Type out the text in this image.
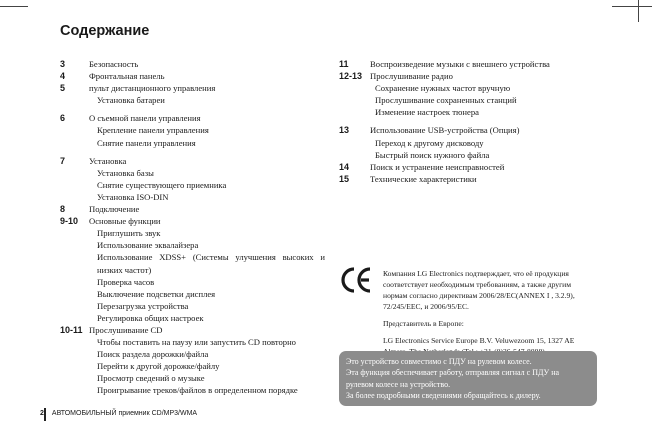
Содержание
3	Безопасность
4	Фронтальная панель
5	пульт дистанционного управления
Установка батареи
6	О съемной панели управления
Крепление панели управления
Снятие панели управления
7	Установка
Установка базы
Снятие существующего приемника
Установка ISO-DIN
8	Подключение
9-10 Основные функции
Приглушить звук
Использование эквалайзера
Использование XDSS+ (Системы улучшения высоких и низких частот)
Проверка часов
Выключение подсветки дисплея
Перезагрузка устройства
Регулировка общих настроек
10-11 Прослушивание CD
Чтобы поставить на паузу или запустить CD повторно
Поиск раздела дорожки/файла
Перейти к другой дорожке/файлу
Просмотр сведений о музыке
Проигрывание треков/файлов в определенном порядке
11 Воспроизведение музыки с внешнего устройства
12-13 Прослушивание радио
Сохранение нужных частот вручную
Прослушивание сохраненных станций
Изменение настроек тюнера
13 Использование USB-устройства (Опция)
Переход к другому дисководу
Быстрый поиск нужного файла
14 Поиск и устранение неисправностей
15 Технические характеристики

Компания LG Electronics подтверждает, что её продукция соответствует необходимым требованиям, а также другим нормам согласно директивам 2006/28/EC(ANNEX I , 3.2.9), 72/245/EEC, и 2006/95/EC.

Представитель в Европе:

LG Electronics Service Europe B.V. Veluwezoom 15, 1327 AE

Это устройство совместимо с ПДУ на рулевом колесе.
Эта функция обеспечивает работу, отправляя сигнал с ПДУ на
рулевом колесе на устройство.
За более подробными сведениями обращайтесь к дилеру.
2 АВТОМОБИЛЬНЫЙ приемник CD/MP3/WMA
